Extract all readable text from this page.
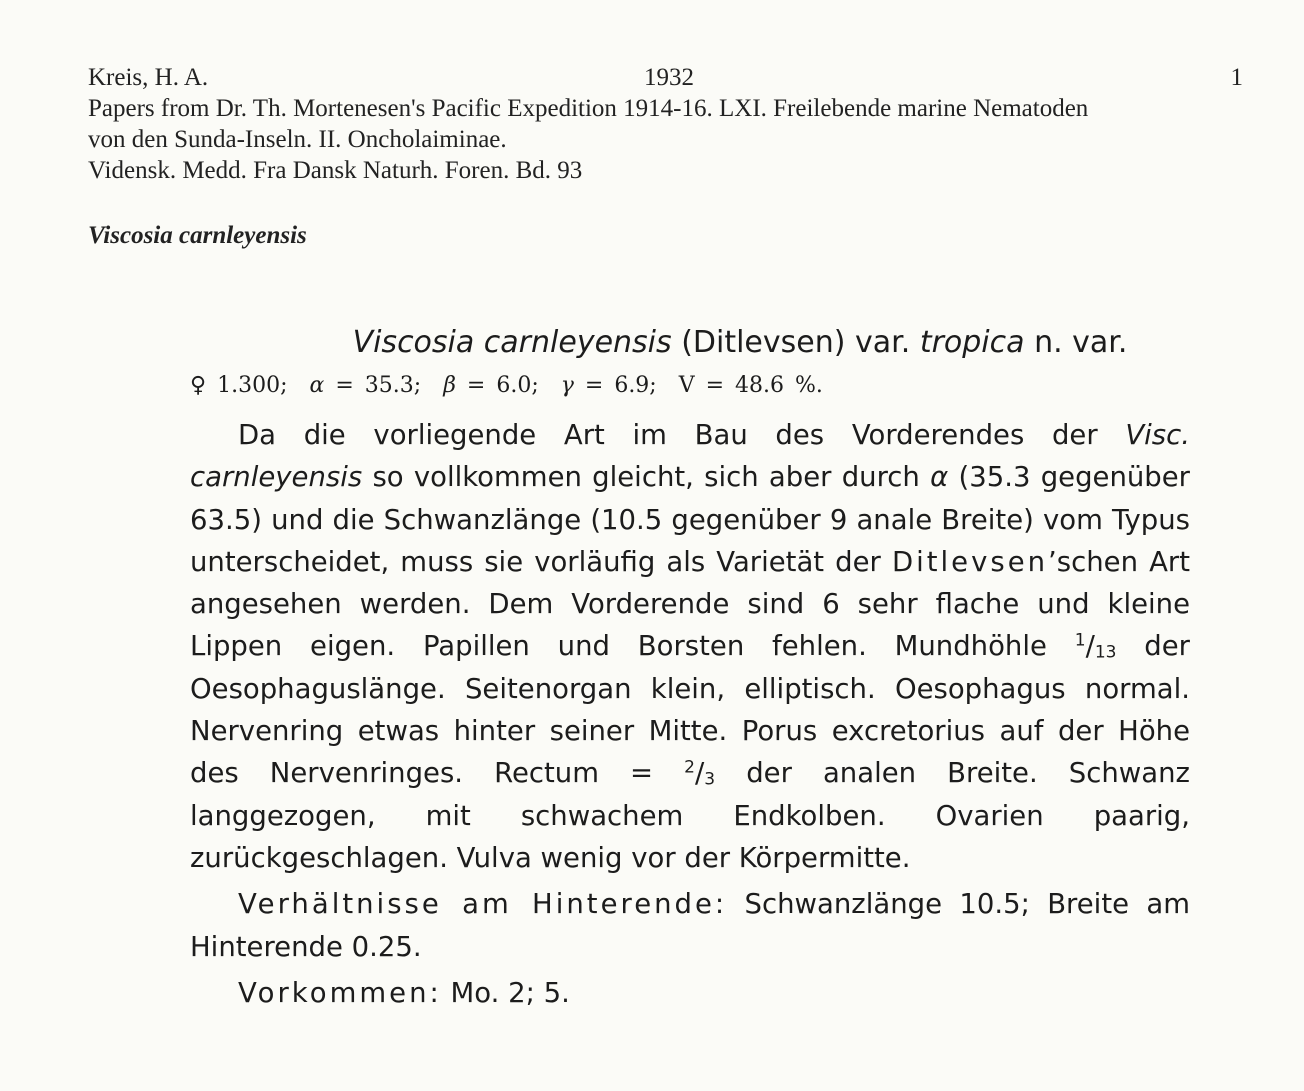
Kreis, H. A.	1932	1
Papers from Dr. Th. Mortenesen's Pacific Expedition 1914-16. LXI. Freilebende marine Nematoden
von den Sunda-Inseln. II. Oncholaiminae.
Vidensk. Medd. Fra Dansk Naturh. Foren. Bd. 93
Viscosia carnleyensis
Viscosia carnleyensis (Ditlevsen) var. tropica n. var.
♀ 1.300; α = 35.3; β = 6.0; γ = 6.9; V = 48.6 %.

Da die vorliegende Art im Bau des Vorderendes der Visc. carnleyensis so vollkommen gleicht, sich aber durch α (35.3 gegenüber 63.5) und die Schwanzlänge (10.5 gegenüber 9 anale Breite) vom Typus unterscheidet, muss sie vorläufig als Varietät der Ditlevsen’schen Art angesehen werden. Dem Vorderende sind 6 sehr flache und kleine Lippen eigen. Papillen und Borsten fehlen. Mundhöhle $^1/_{13}$ der Oesophaguslänge. Seitenorgan klein, elliptisch. Oesophagus normal. Nervenring etwas hinter seiner Mitte. Porus excretorius auf der Höhe des Nervenringes. Rectum = $^2/_3$ der analen Breite. Schwanz langgezogen, mit schwachem Endkolben. Ovarien paarig, zurückgeschlagen. Vulva wenig vor der Körpermitte.

Verhältnisse am Hinterende: Schwanzlänge 10.5; Breite am Hinterende 0.25.

Vorkommen: Mo. 2; 5.
